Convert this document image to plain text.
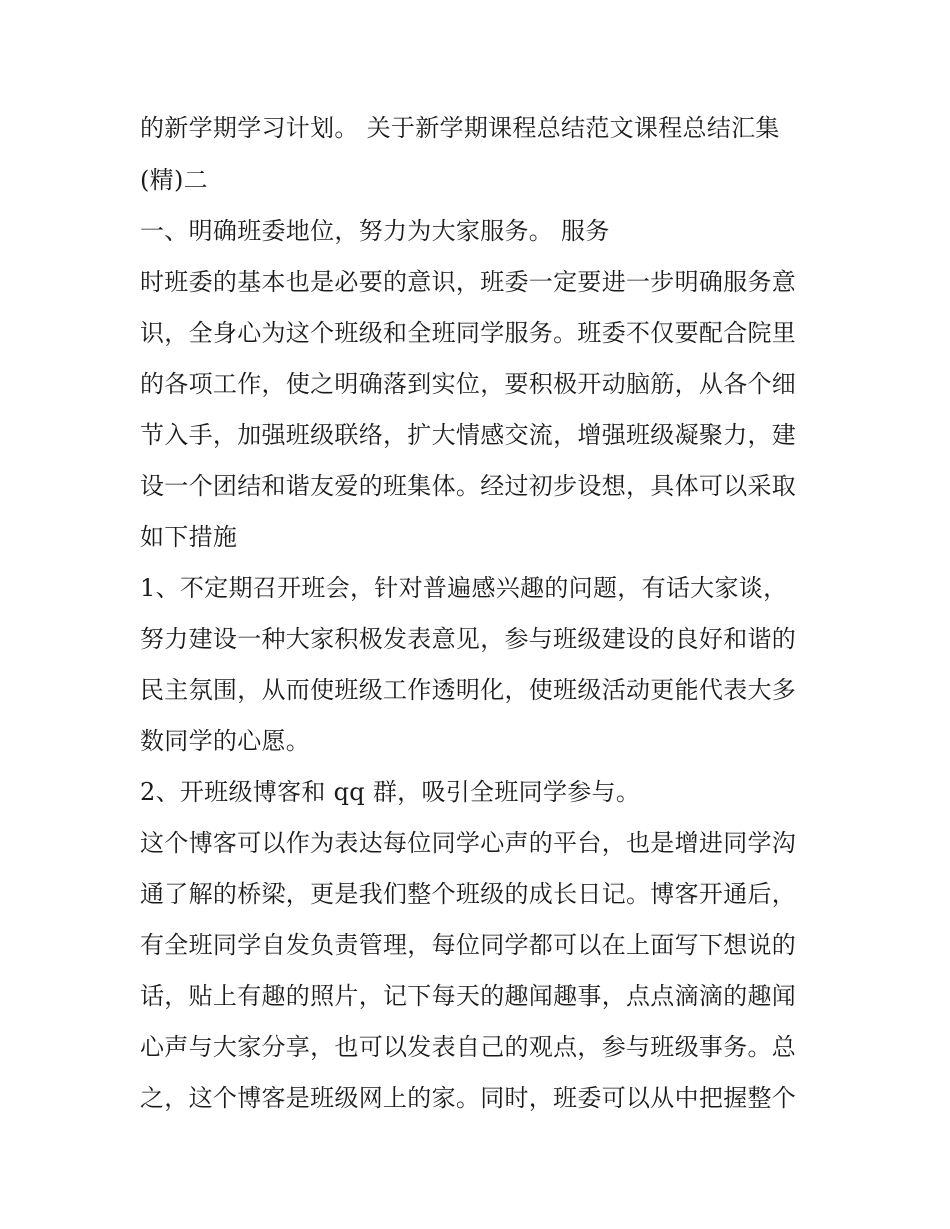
的新学期学习计划。 关于新学期课程总结范文课程总结汇集
(精)二
一、明确班委地位，努力为大家服务。 服务
时班委的基本也是必要的意识，班委一定要进一步明确服务意
识，全身心为这个班级和全班同学服务。班委不仅要配合院里
的各项工作，使之明确落到实位，要积极开动脑筋，从各个细
节入手，加强班级联络，扩大情感交流，增强班级凝聚力，建
设一个团结和谐友爱的班集体。经过初步设想，具体可以采取
如下措施
1、不定期召开班会，针对普遍感兴趣的问题，有话大家谈，
努力建设一种大家积极发表意见，参与班级建设的良好和谐的
民主氛围，从而使班级工作透明化，使班级活动更能代表大多
数同学的心愿。
2、开班级博客和 qq 群，吸引全班同学参与。
这个博客可以作为表达每位同学心声的平台，也是增进同学沟
通了解的桥梁，更是我们整个班级的成长日记。博客开通后，
有全班同学自发负责管理，每位同学都可以在上面写下想说的
话，贴上有趣的照片，记下每天的趣闻趣事，点点滴滴的趣闻
心声与大家分享，也可以发表自己的观点，参与班级事务。总
之，这个博客是班级网上的家。同时，班委可以从中把握整个
